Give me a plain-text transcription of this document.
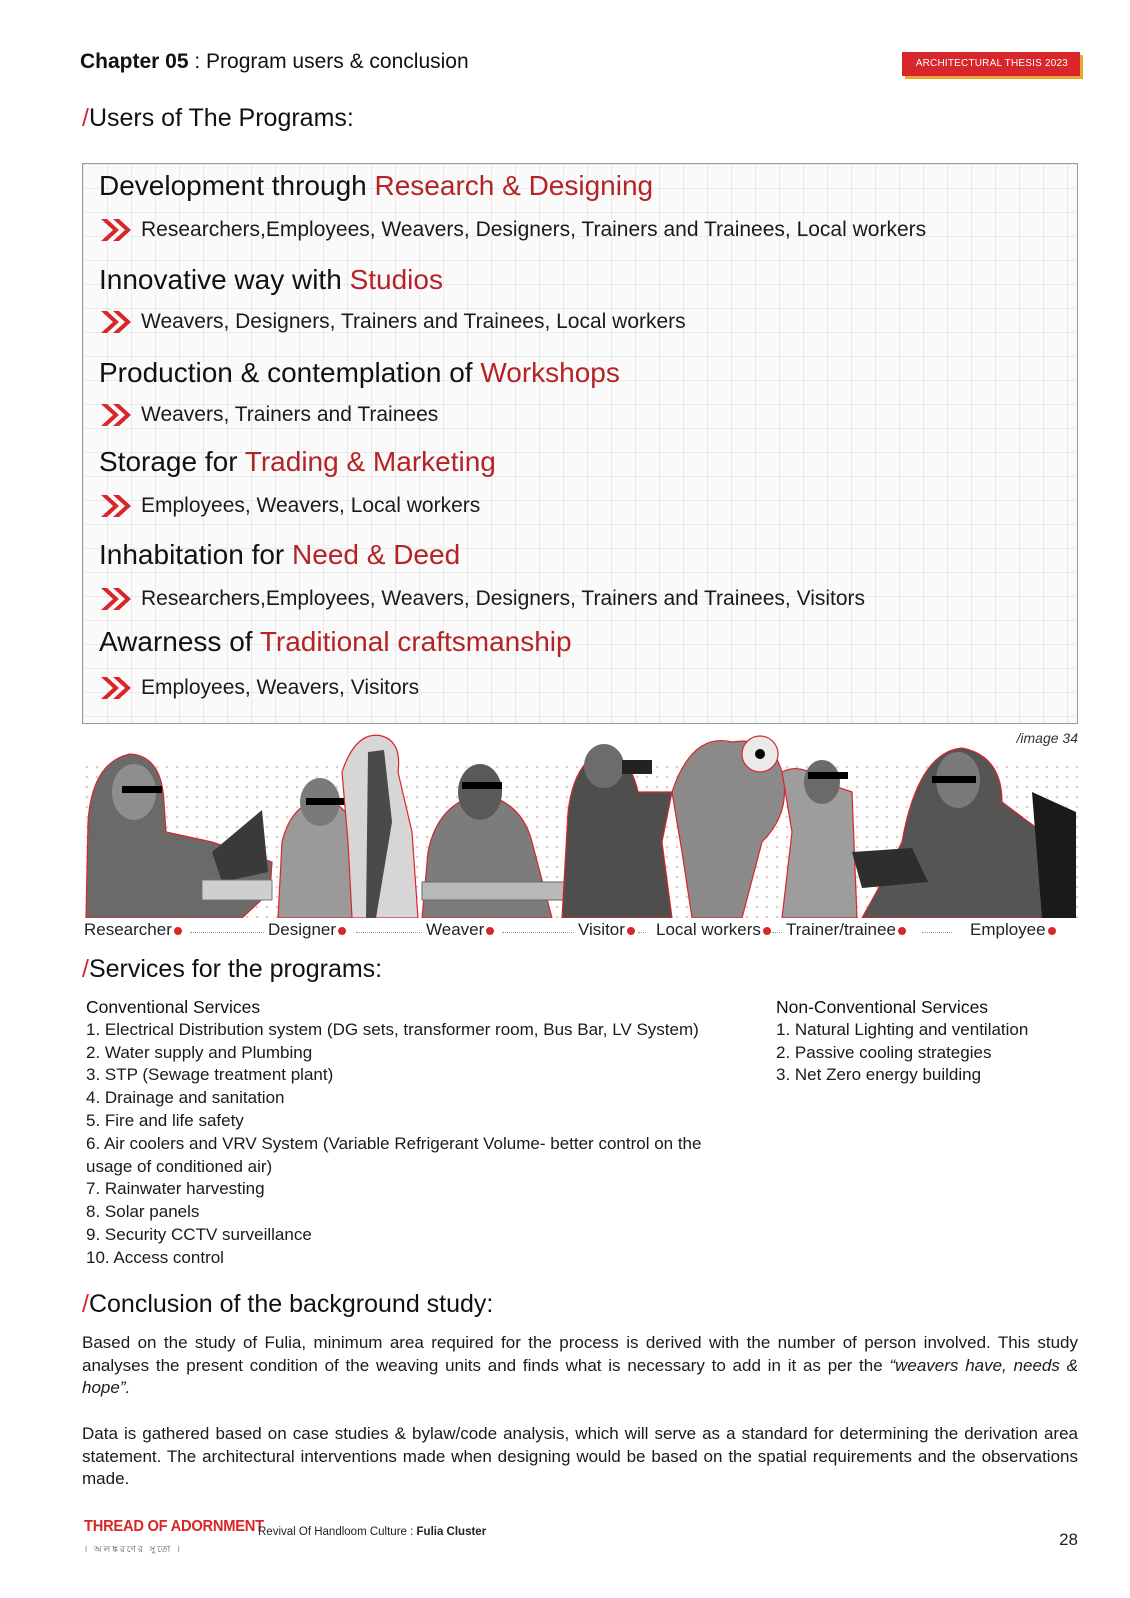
Chapter 05 : Program users & conclusion	ARCHITECTURAL THESIS 2023
/Users of The Programs:
Development through Research & Designing
Researchers,Employees, Weavers, Designers, Trainers and Trainees, Local workers
Innovative way with Studios
Weavers, Designers, Trainers and Trainees, Local workers
Production & contemplation of Workshops
Weavers, Trainers and Trainees
Storage for Trading & Marketing
Employees, Weavers, Local workers
Inhabitation for Need & Deed
Researchers,Employees, Weavers, Designers, Trainers and Trainees, Visitors
Awarness of Traditional craftsmanship
Employees, Weavers, Visitors
/image 34
Researcher	Designer	Weaver	Visitor	Local workers	Trainer/trainee	Employee
/Services for the programs:
Conventional Services
1. Electrical Distribution system (DG sets, transformer room, Bus Bar, LV System)
2. Water supply and Plumbing
3. STP (Sewage treatment plant)
4. Drainage and sanitation
5. Fire and life safety
6. Air coolers and VRV System (Variable Refrigerant Volume- better control on the
usage of conditioned air)
7. Rainwater harvesting
8. Solar panels
9. Security CCTV surveillance
10. Access control
Non-Conventional Services
1. Natural Lighting and ventilation
2. Passive cooling strategies
3. Net Zero energy building
/Conclusion of the background study:
Based on the study of Fulia, minimum area required for the process is derived with the number of person involved. This study analyses the present condition of the weaving units and finds what is necessary to add in it as per the “weavers have, needs & hope”.
Data is gathered based on case studies & bylaw/code analysis, which will serve as a standard for determining the derivation area statement. The architectural interventions made when designing would be based on the spatial requirements and the observations made.
THREAD OF ADORNMENT
। অলঙ্করণের সুতো ।
Revival Of Handloom Culture : Fulia Cluster	28
